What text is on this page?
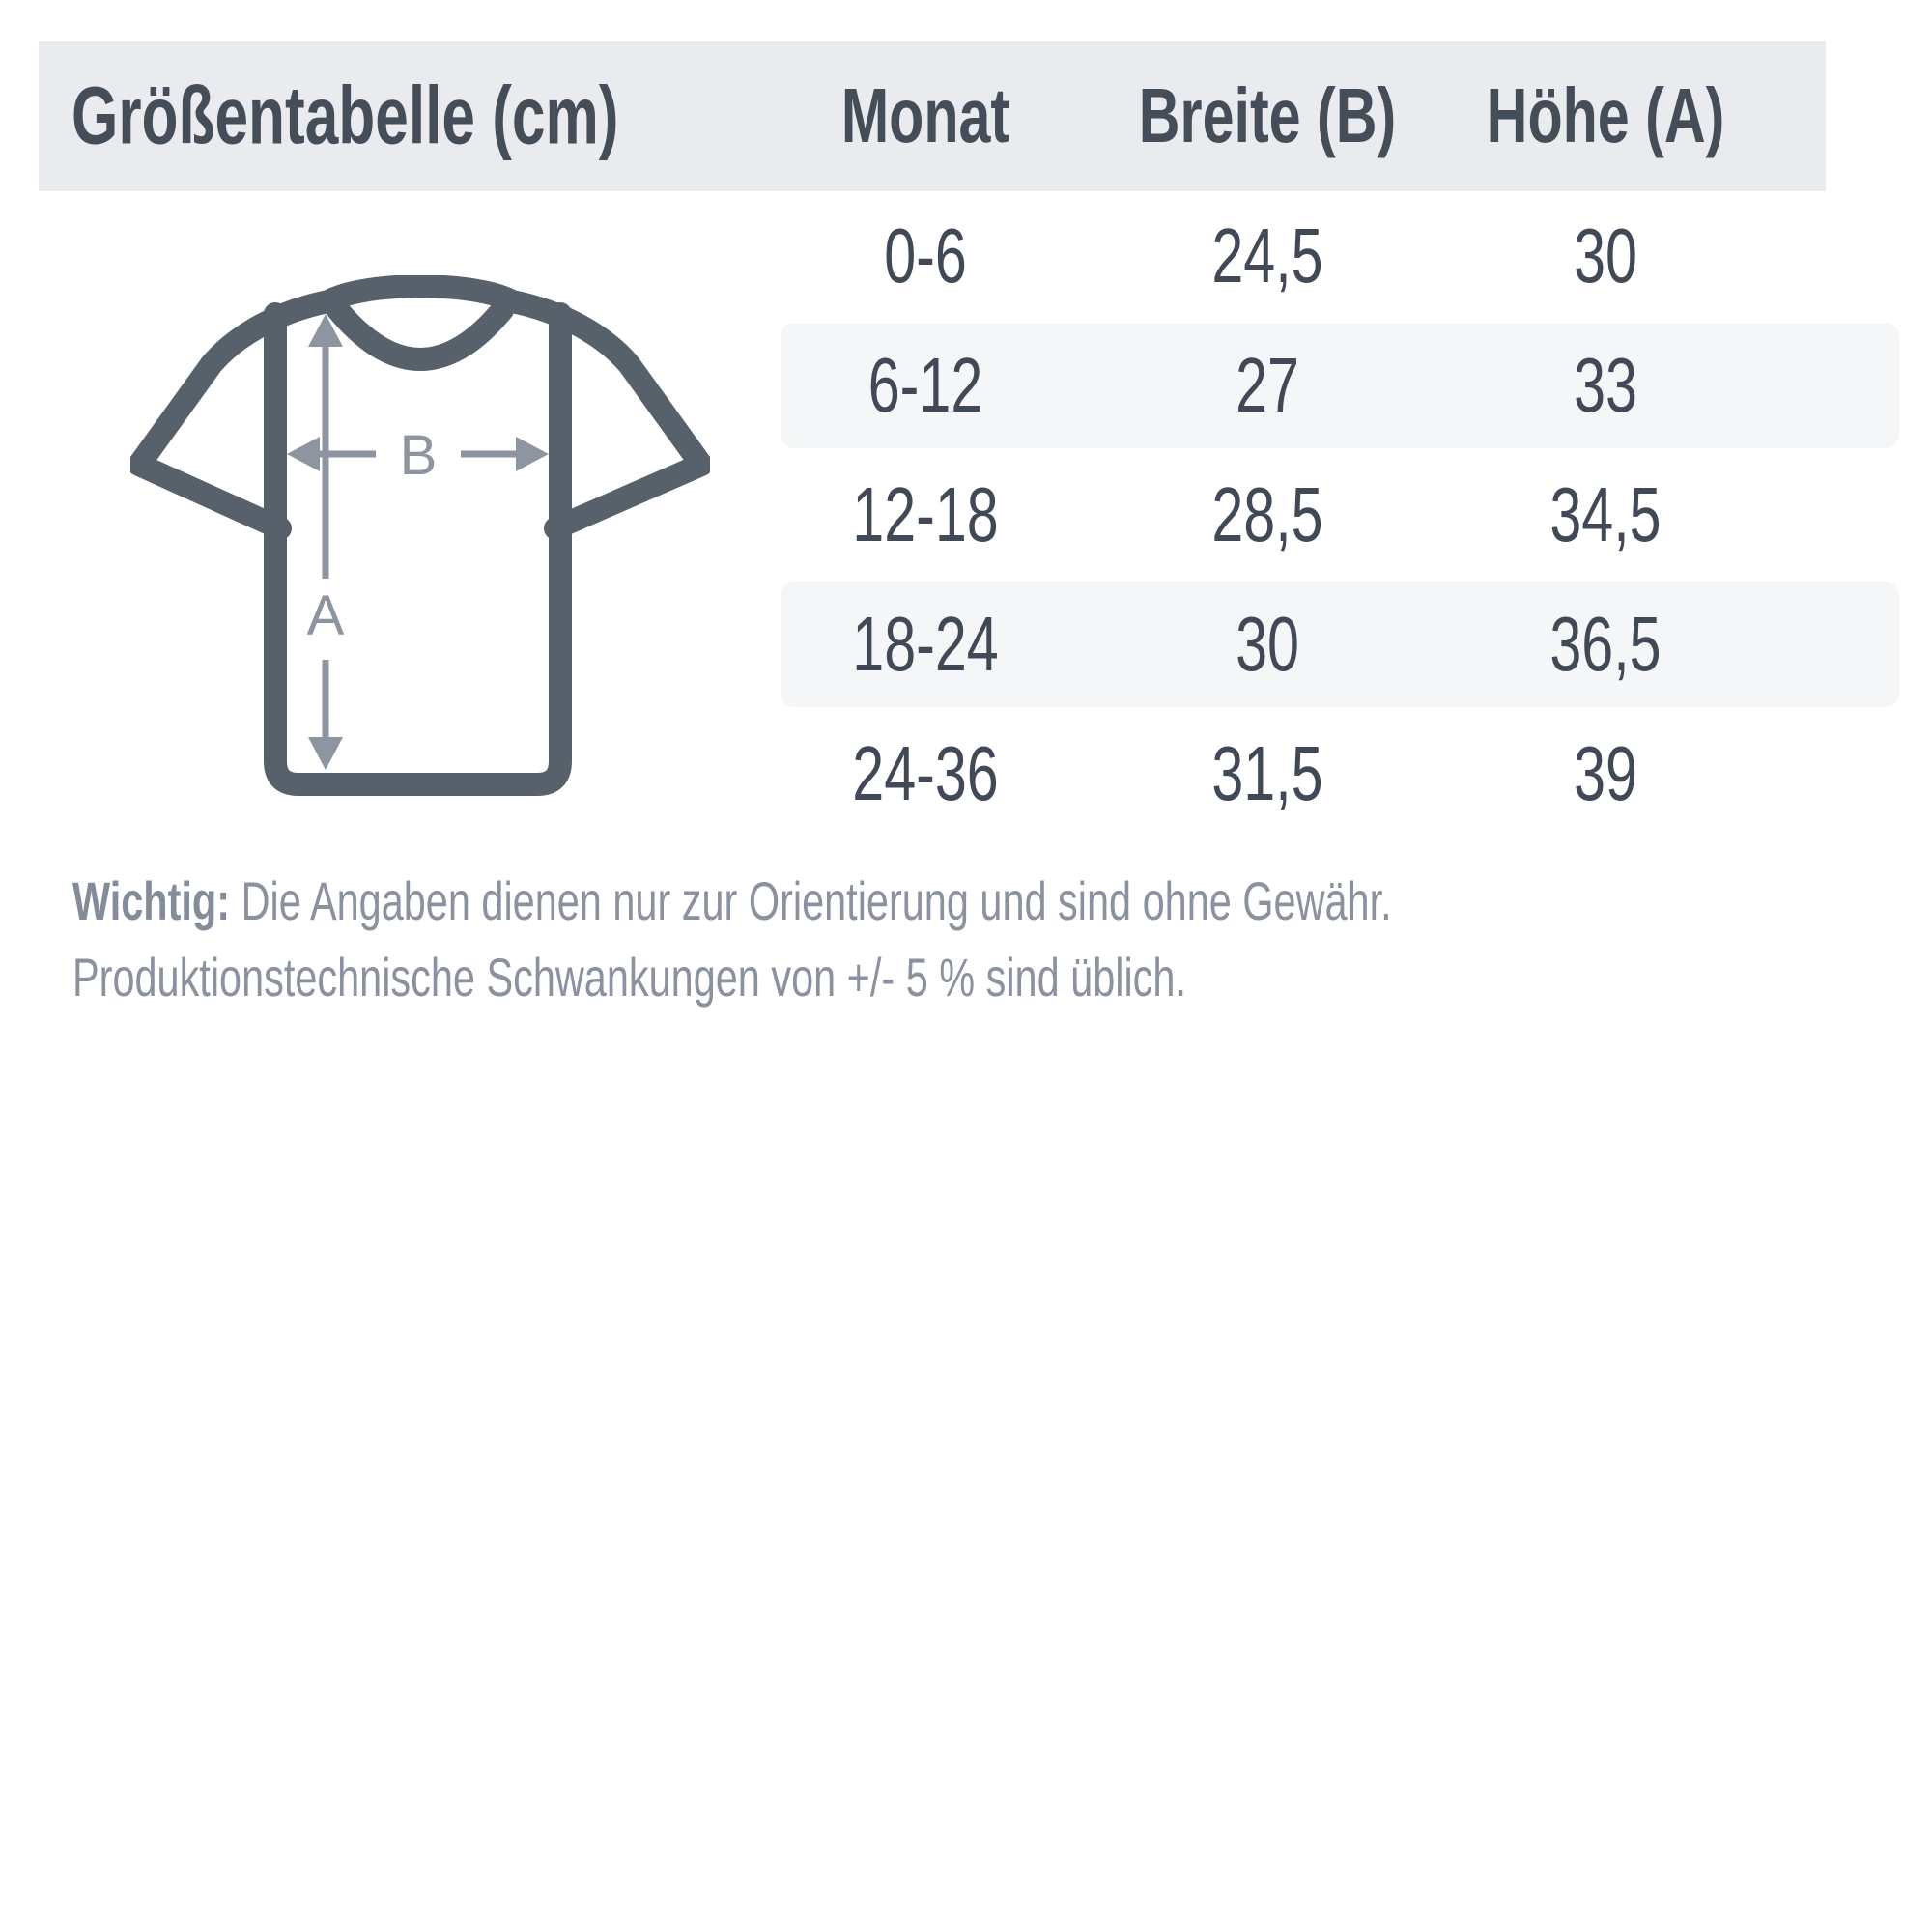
Größentabelle (cm)	Monat	Breite (B)	Höhe (A)
B
A
0-6	24,5	30
6-12	27	33
12-18	28,5	34,5
18-24	30	36,5
24-36	31,5	39
Wichtig: Die Angaben dienen nur zur Orientierung und sind ohne Gewähr.
Produktionstechnische Schwankungen von +/- 5 % sind üblich.
